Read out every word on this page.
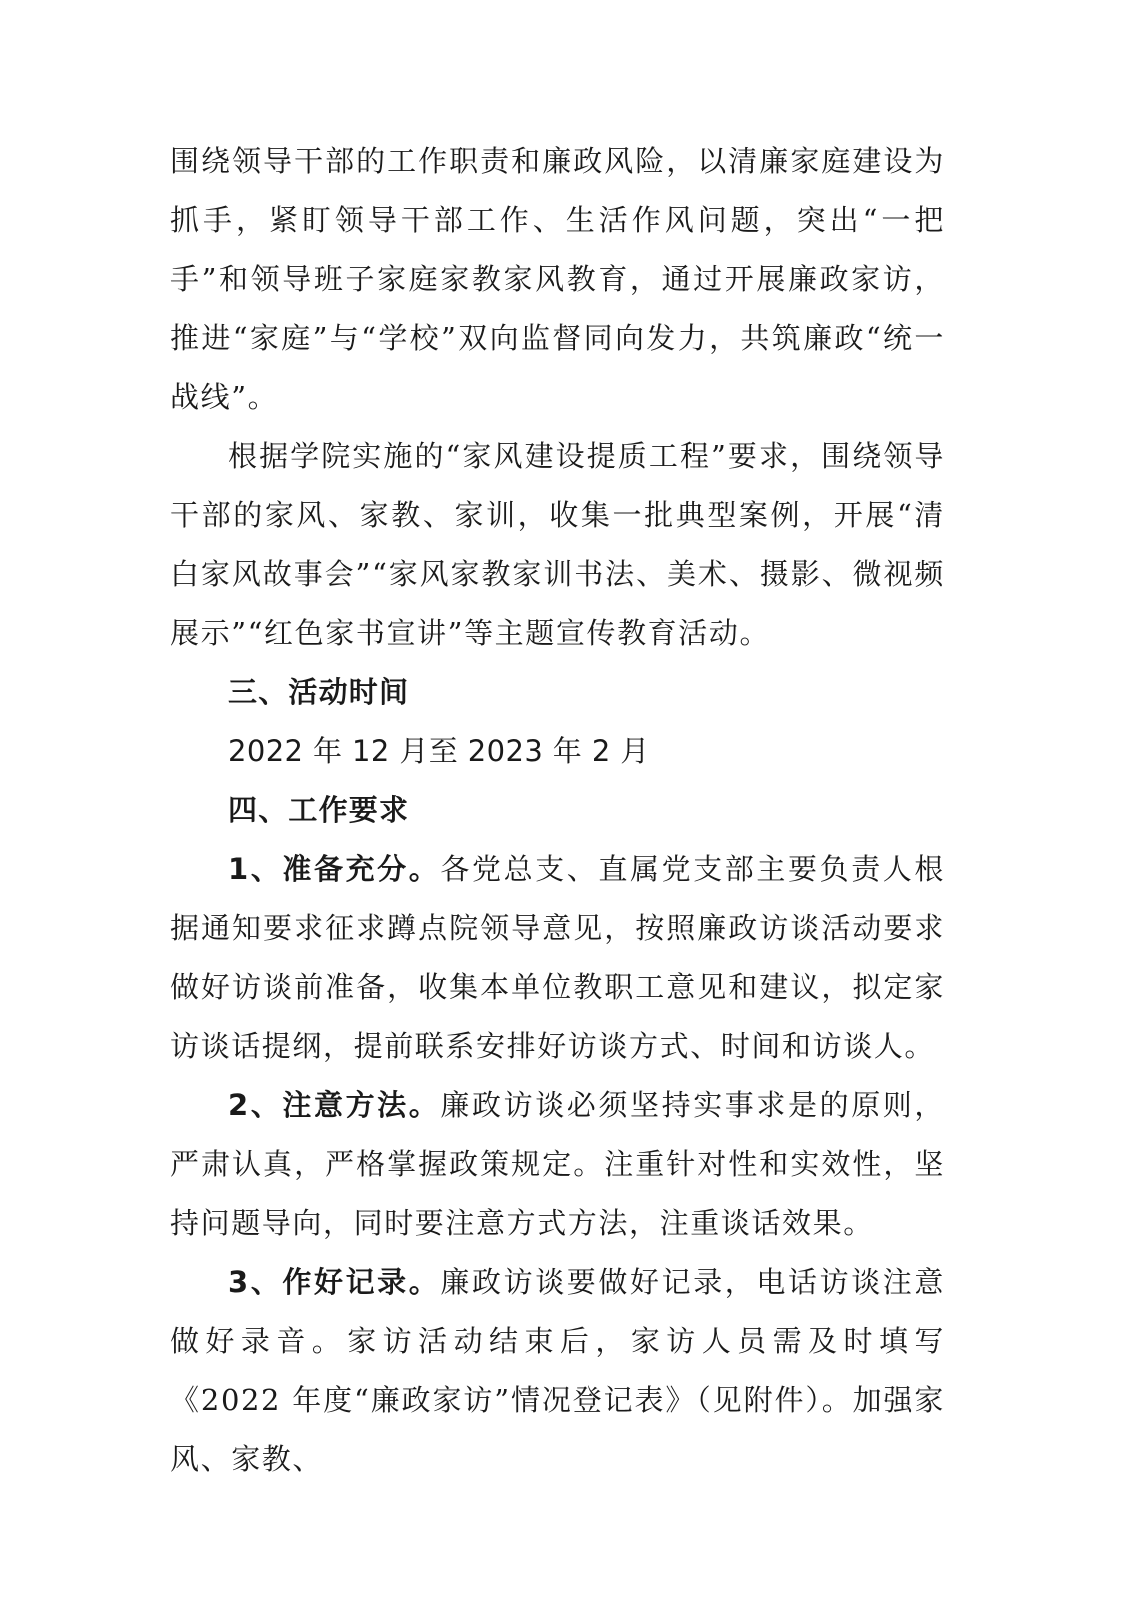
围绕领导干部的工作职责和廉政风险，以清廉家庭建设为抓手，紧盯领导干部工作、生活作风问题，突出“一把手”和领导班子家庭家教家风教育，通过开展廉政家访，推进“家庭”与“学校”双向监督同向发力，共筑廉政“统一战线”。

根据学院实施的“家风建设提质工程”要求，围绕领导干部的家风、家教、家训，收集一批典型案例，开展“清白家风故事会”“家风家教家训书法、美术、摄影、微视频展示”“红色家书宣讲”等主题宣传教育活动。

三、活动时间

2022 年 12 月至 2023 年 2 月

四、工作要求

1、准备充分。各党总支、直属党支部主要负责人根据通知要求征求蹲点院领导意见，按照廉政访谈活动要求做好访谈前准备，收集本单位教职工意见和建议，拟定家访谈话提纲，提前联系安排好访谈方式、时间和访谈人。

2、注意方法。廉政访谈必须坚持实事求是的原则，严肃认真，严格掌握政策规定。注重针对性和实效性，坚持问题导向，同时要注意方式方法，注重谈话效果。

3、作好记录。廉政访谈要做好记录，电话访谈注意做好录音。家访活动结束后，家访人员需及时填写《2022 年度“廉政家访”情况登记表》（见附件）。加强家风、家教、
